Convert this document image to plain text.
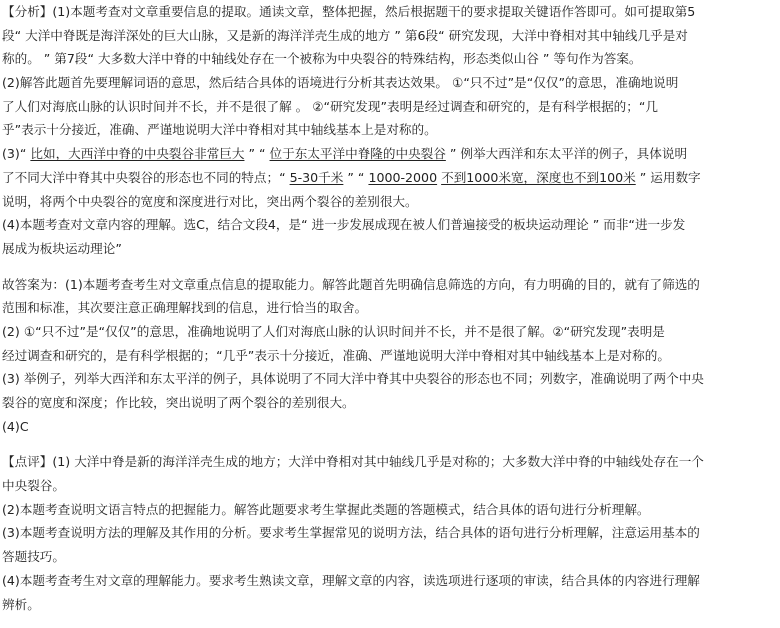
【分析】(1)本题考查对文章重要信息的提取。通读文章，整体把握，然后根据题干的要求提取关键语作答即可。如可提取第5
段“ 大洋中脊既是海洋深处的巨大山脉，又是新的海洋洋壳生成的地方 ” 第6段“ 研究发现，大洋中脊相对其中轴线几乎是对
称的。 ” 第7段“ 大多数大洋中脊的中轴线处存在一个被称为中央裂谷的特殊结构，形态类似山谷 ” 等句作为答案。
(2)解答此题首先要理解词语的意思，然后结合具体的语境进行分析其表达效果。 ①“只不过”是“仅仅”的意思，准确地说明
了人们对海底山脉的认识时间并不长，并不是很了解 。 ②“研究发现”表明是经过调查和研究的，是有科学根据的；“几
乎”表示十分接近，准确、严谨地说明大洋中脊相对其中轴线基本上是对称的。
(3)“ 比如，大西洋中脊的中央裂谷非常巨大 ” “ 位于东太平洋中脊隆的中央裂谷 ” 例举大西洋和东太平洋的例子，具体说明
了不同大洋中脊其中央裂谷的形态也不同的特点；“ 5-30千米 ” “ 1000-2000 不到1000米宽，深度也不到100米 ” 运用数字
说明，将两个中央裂谷的宽度和深度进行对比，突出两个裂谷的差别很大。
(4)本题考查对文章内容的理解。选C，结合文段4，是“ 进一步发展成现在被人们普遍接受的板块运动理论 ” 而非“进一步发
展成为板块运动理论”
故答案为：(1)本题考查考生对文章重点信息的提取能力。解答此题首先明确信息筛选的方向，有力明确的目的，就有了筛选的
范围和标准，其次要注意正确理解找到的信息，进行恰当的取舍。
(2) ①“只不过”是“仅仅”的意思，准确地说明了人们对海底山脉的认识时间并不长，并不是很了解。②“研究发现”表明是
经过调查和研究的，是有科学根据的；“几乎”表示十分接近，准确、严谨地说明大洋中脊相对其中轴线基本上是对称的。
(3) 举例子，列举大西洋和东太平洋的例子，具体说明了不同大洋中脊其中央裂谷的形态也不同；列数字，准确说明了两个中央
裂谷的宽度和深度；作比较，突出说明了两个裂谷的差别很大。
(4)C
【点评】(1) 大洋中脊是新的海洋洋壳生成的地方；大洋中脊相对其中轴线几乎是对称的；大多数大洋中脊的中轴线处存在一个
中央裂谷。
(2)本题考查说明文语言特点的把握能力。解答此题要求考生掌握此类题的答题模式，结合具体的语句进行分析理解。
(3)本题考查说明方法的理解及其作用的分析。要求考生掌握常见的说明方法，结合具体的语句进行分析理解，注意运用基本的
答题技巧。
(4)本题考查考生对文章的理解能力。要求考生熟读文章，理解文章的内容，读选项进行逐项的审读，结合具体的内容进行理解
辨析。
